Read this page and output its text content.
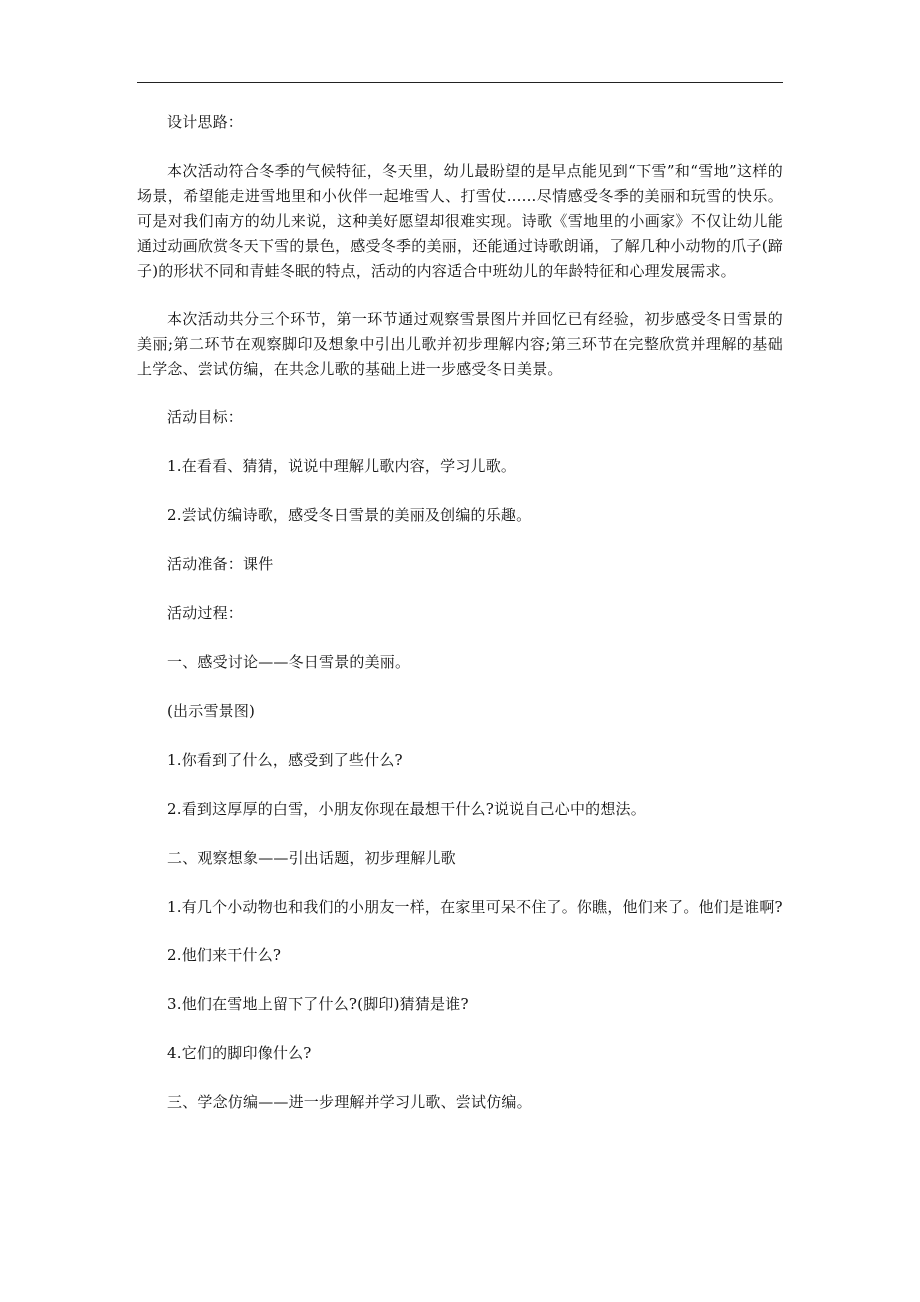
设计思路：

本次活动符合冬季的气候特征，冬天里，幼儿最盼望的是早点能见到“下雪”和“雪地”这样的场景，希望能走进雪地里和小伙伴一起堆雪人、打雪仗......尽情感受冬季的美丽和玩雪的快乐。可是对我们南方的幼儿来说，这种美好愿望却很难实现。诗歌《雪地里的小画家》不仅让幼儿能通过动画欣赏冬天下雪的景色，感受冬季的美丽，还能通过诗歌朗诵，了解几种小动物的爪子(蹄子)的形状不同和青蛙冬眠的特点，活动的内容适合中班幼儿的年龄特征和心理发展需求。

本次活动共分三个环节，第一环节通过观察雪景图片并回忆已有经验，初步感受冬日雪景的美丽;第二环节在观察脚印及想象中引出儿歌并初步理解内容;第三环节在完整欣赏并理解的基础上学念、尝试仿编，在共念儿歌的基础上进一步感受冬日美景。

活动目标：

1.在看看、猜猜，说说中理解儿歌内容，学习儿歌。

2.尝试仿编诗歌，感受冬日雪景的美丽及创编的乐趣。

活动准备：课件

活动过程：

一、感受讨论——冬日雪景的美丽。

(出示雪景图)

1.你看到了什么，感受到了些什么?

2.看到这厚厚的白雪，小朋友你现在最想干什么?说说自己心中的想法。

二、观察想象——引出话题，初步理解儿歌

1.有几个小动物也和我们的小朋友一样，在家里可呆不住了。你瞧，他们来了。他们是谁啊?

2.他们来干什么?

3.他们在雪地上留下了什么?(脚印)猜猜是谁?

4.它们的脚印像什么?

三、学念仿编——进一步理解并学习儿歌、尝试仿编。
